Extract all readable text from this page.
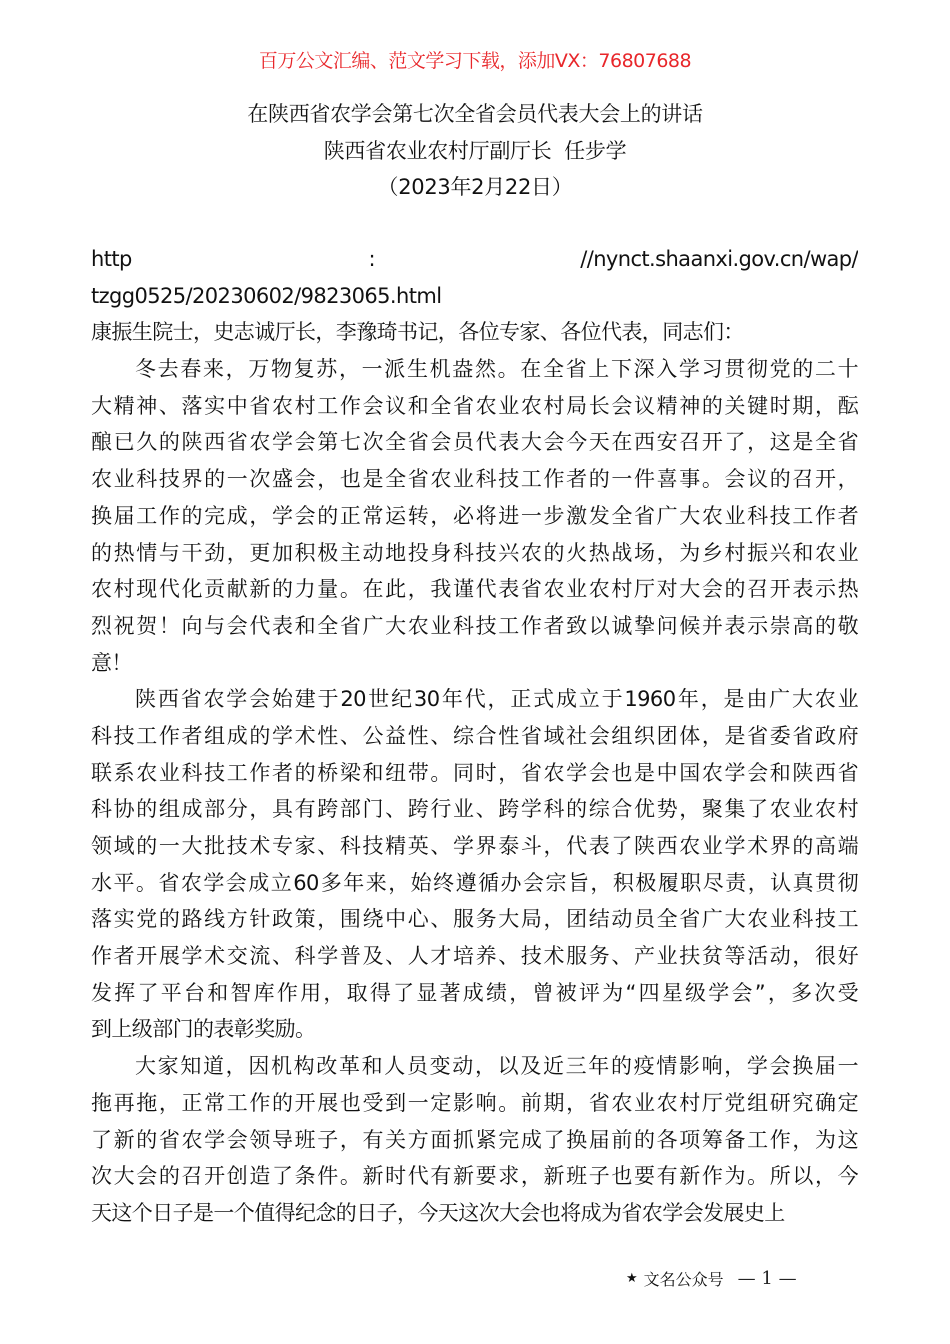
百万公文汇编、范文学习下载，添加VX：76807688
在陕西省农学会第七次全省会员代表大会上的讲话
陕西省农业农村厅副厅长  任步学
（2023年2月22日）
http                              :                          //nynct.shaanxi.gov.cn/wap/
tzgg0525/20230602/9823065.html
康振生院士，史志诚厅长，李豫琦书记，各位专家、各位代表，同志们：
冬去春来，万物复苏，一派生机盎然。在全省上下深入学习贯彻党的二十
大精神、落实中省农村工作会议和全省农业农村局长会议精神的关键时期，酝
酿已久的陕西省农学会第七次全省会员代表大会今天在西安召开了，这是全省
农业科技界的一次盛会，也是全省农业科技工作者的一件喜事。会议的召开，
换届工作的完成，学会的正常运转，必将进一步激发全省广大农业科技工作者
的热情与干劲，更加积极主动地投身科技兴农的火热战场，为乡村振兴和农业
农村现代化贡献新的力量。在此，我谨代表省农业农村厅对大会的召开表示热
烈祝贺！向与会代表和全省广大农业科技工作者致以诚挚问候并表示崇高的敬
意！
陕西省农学会始建于20世纪30年代，正式成立于1960年，是由广大农业
科技工作者组成的学术性、公益性、综合性省域社会组织团体，是省委省政府
联系农业科技工作者的桥梁和纽带。同时，省农学会也是中国农学会和陕西省
科协的组成部分，具有跨部门、跨行业、跨学科的综合优势，聚集了农业农村
领域的一大批技术专家、科技精英、学界泰斗，代表了陕西农业学术界的高端
水平。省农学会成立60多年来，始终遵循办会宗旨，积极履职尽责，认真贯彻
落实党的路线方针政策，围绕中心、服务大局，团结动员全省广大农业科技工
作者开展学术交流、科学普及、人才培养、技术服务、产业扶贫等活动，很好
发挥了平台和智库作用，取得了显著成绩，曾被评为“四星级学会”，多次受
到上级部门的表彰奖励。
大家知道，因机构改革和人员变动，以及近三年的疫情影响，学会换届一
拖再拖，正常工作的开展也受到一定影响。前期，省农业农村厅党组研究确定
了新的省农学会领导班子，有关方面抓紧完成了换届前的各项筹备工作，为这
次大会的召开创造了条件。新时代有新要求，新班子也要有新作为。所以，今
天这个日子是一个值得纪念的日子，今天这次大会也将成为省农学会发展史上
★ 文名公众号 — 1 —
